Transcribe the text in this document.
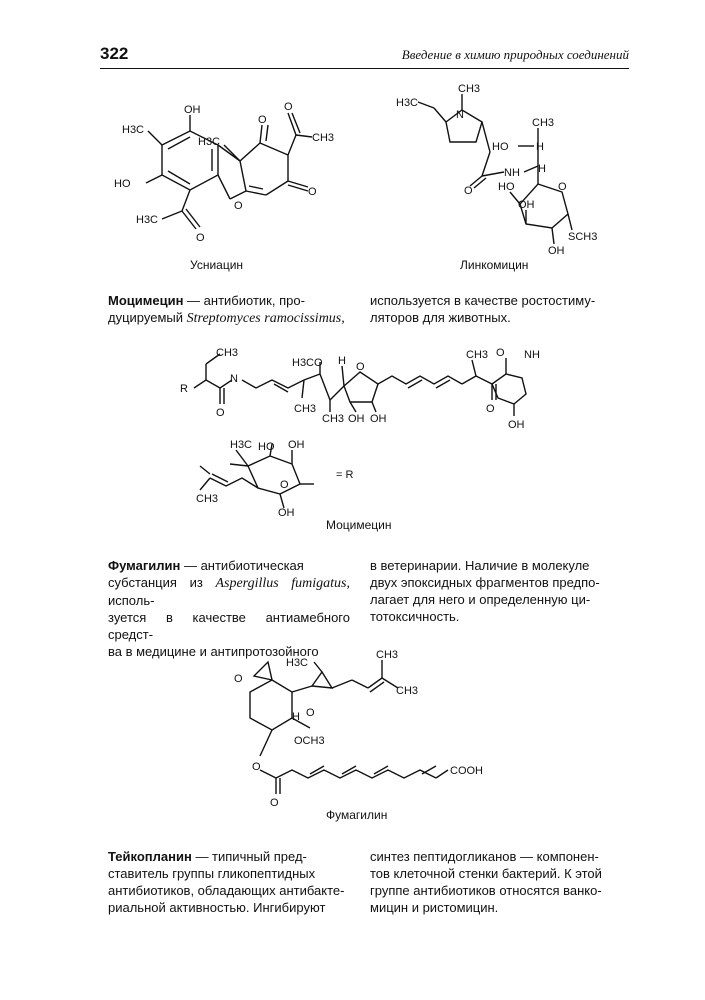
322	Введение в химию природных соединений
OH
H3C
HO
H3C
O
O
CH3
O
O
H3C
O
Усниацин
CH3
N
H3C
CH3
HO	H
NH H
O HO	O
OH
SCH3
OH
Линкомицин
Моцимецин — антибиотик, про-
дуцируемый Streptomyces ramocissimus,
используется в качестве ростостиму-
ляторов для животных.
R
CH3
N
O
H3C O
CH3
CH3
H O
OH OH
CH3
O
O NH
OH
H3C HO OH
O
OH
CH3
= R
Моцимецин
Фумагилин — антибиотическая
субстанция из Aspergillus fumigatus, исполь-
зуется в качестве антиамебного средст-
ва в медицине и антипротозойного
в ветеринарии. Наличие в молекуле
двух эпоксидных фрагментов предпо-
лагает для него и определенную ци-
тотоксичность.
O
H3C
CH3
CH3
H O
OCH3
O
O
COOH
Фумагилин
Тейкопланин — типичный пред-
ставитель группы гликопептидных
антибиотиков, обладающих антибакте-
риальной активностью. Ингибируют
синтез пептидогликанов — компонен-
тов клеточной стенки бактерий. К этой
группе антибиотиков относятся ванко-
мицин и ристомицин.
